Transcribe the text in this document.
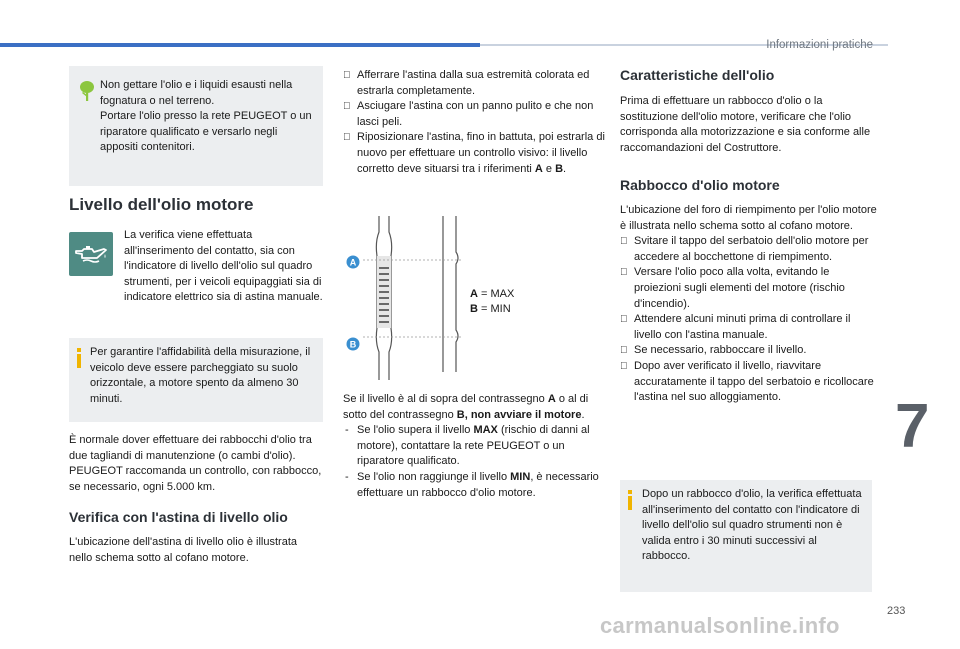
Informazioni pratiche

Non gettare l'olio e i liquidi esausti nella fognatura o nel terreno.

Portare l'olio presso la rete PEUGEOT o un riparatore qualificato e versarlo negli appositi contenitori.

Livello dell'olio motore
La verifica viene effettuata all'inserimento del contatto, sia con l'indicatore di livello dell'olio sul quadro strumenti, per i veicoli equipaggiati sia di indicatore elettrico sia di astina manuale.
Per garantire l'affidabilità della misurazione, il veicolo deve essere parcheggiato su suolo orizzontale, a motore spento da almeno 30 minuti.
È normale dover effettuare dei rabbocchi d'olio tra due tagliandi di manutenzione (o cambi d'olio). PEUGEOT raccomanda un controllo, con rabbocco, se necessario, ogni 5.000 km.
Verifica con l'astina di livello olio
L'ubicazione dell'astina di livello olio è illustrata nello schema sotto al cofano motore.
Afferrare l'astina dalla sua estremità colorata ed estrarla completamente.
Asciugare l'astina con un panno pulito e che non lasci peli.
Riposizionare l'astina, fino in battuta, poi estrarla di nuovo per effettuare un controllo visivo: il livello corretto deve situarsi tra i riferimenti A e B.
A
B
A = MAX
B = MIN
Se il livello è al di sopra del contrassegno A o al di sotto del contrassegno B, non avviare il motore.
- Se l'olio supera il livello MAX (rischio di danni al motore), contattare la rete PEUGEOT o un riparatore qualificato.
- Se l'olio non raggiunge il livello MIN, è necessario effettuare un rabbocco d'olio motore.
Caratteristiche dell'olio
Prima di effettuare un rabbocco d'olio o la sostituzione dell'olio motore, verificare che l'olio corrisponda alla motorizzazione e sia conforme alle raccomandazioni del Costruttore.
Rabbocco d'olio motore
L'ubicazione del foro di riempimento per l'olio motore è illustrata nello schema sotto al cofano motore.
Svitare il tappo del serbatoio dell'olio motore per accedere al bocchettone di riempimento.
Versare l'olio poco alla volta, evitando le proiezioni sugli elementi del motore (rischio d'incendio).
Attendere alcuni minuti prima di controllare il livello con l'astina manuale.
Se necessario, rabboccare il livello.
Dopo aver verificato il livello, riavvitare accuratamente il tappo del serbatoio e ricollocare l'astina nel suo alloggiamento.
Dopo un rabbocco d'olio, la verifica effettuata all'inserimento del contatto con l'indicatore di livello dell'olio sul quadro strumenti non è valida entro i 30 minuti successivi al rabbocco.
7
233
carmanualsonline.info
